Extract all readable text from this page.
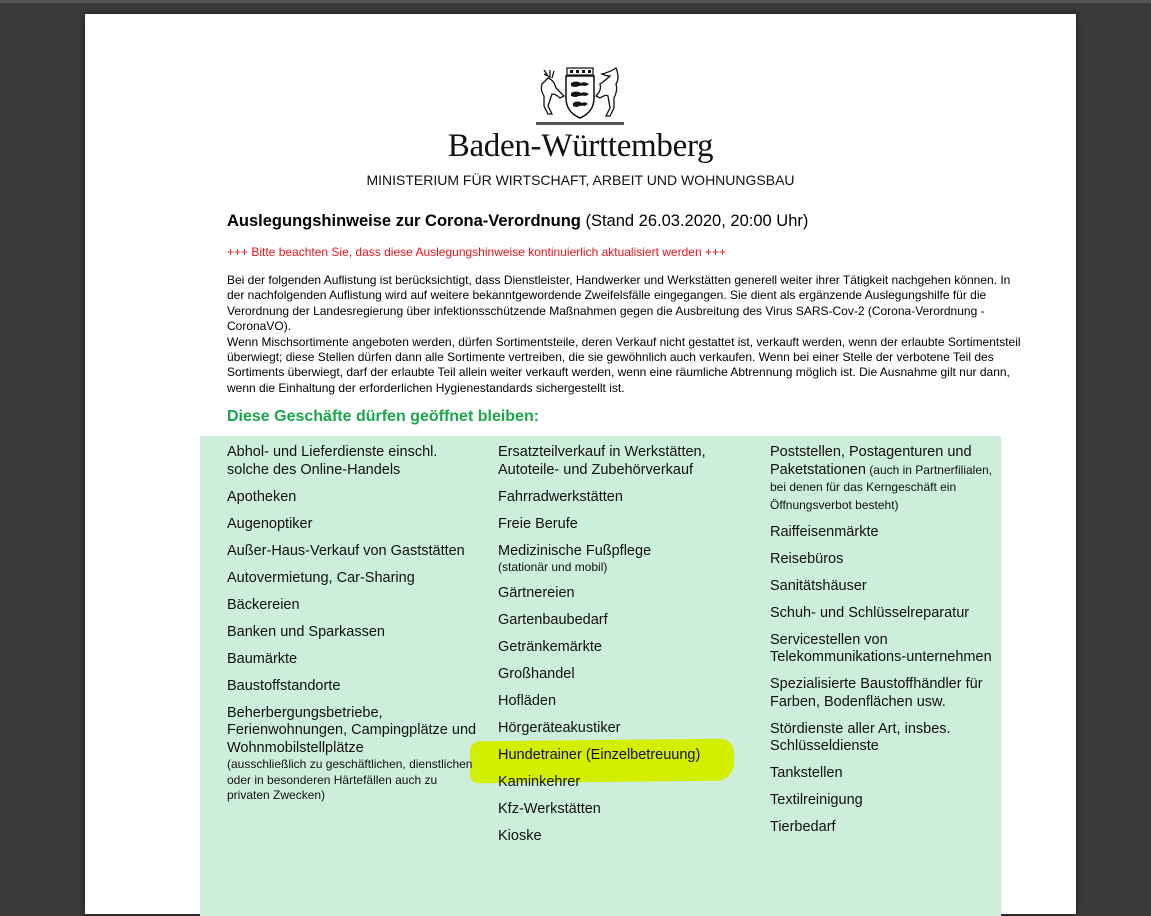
Baden-Württemberg
MINISTERIUM FÜR WIRTSCHAFT, ARBEIT UND WOHNUNGSBAU
Auslegungshinweise zur Corona-Verordnung (Stand 26.03.2020, 20:00 Uhr)
+++ Bitte beachten Sie, dass diese Auslegungshinweise kontinuierlich aktualisiert werden +++

Bei der folgenden Auflistung ist berücksichtigt, dass Dienstleister, Handwerker und Werkstätten generell weiter ihrer Tätigkeit nachgehen können. In der nachfolgenden Auflistung wird auf weitere bekanntgewordende Zweifelsfälle eingegangen. Sie dient als ergänzende Auslegungshilfe für die Verordnung der Landesregierung über infektionsschützende Maßnahmen gegen die Ausbreitung des Virus SARS-Cov-2 (Corona-Verordnung - CoronaVO).

Wenn Mischsortimente angeboten werden, dürfen Sortimentsteile, deren Verkauf nicht gestattet ist, verkauft werden, wenn der erlaubte Sortimentsteil überwiegt; diese Stellen dürfen dann alle Sortimente vertreiben, die sie gewöhnlich auch verkaufen. Wenn bei einer Stelle der verbotene Teil des Sortiments überwiegt, darf der erlaubte Teil allein weiter verkauft werden, wenn eine räumliche Abtrennung möglich ist. Die Ausnahme gilt nur dann, wenn die Einhaltung der erforderlichen Hygienestandards sichergestellt ist.

Diese Geschäfte dürfen geöffnet bleiben:
Abhol- und Lieferdienste einschl. solche des Online-Handels
Apotheken
Augenoptiker
Außer-Haus-Verkauf von Gaststätten
Autovermietung, Car-Sharing
Bäckereien
Banken und Sparkassen
Baumärkte
Baustoffstandorte
Beherbergungsbetriebe, Ferienwohnungen, Campingplätze und Wohnmobilstellplätze
(ausschließlich zu geschäftlichen, dienstlichen oder in besonderen Härtefällen auch zu privaten Zwecken)
Ersatzteilverkauf in Werkstätten, Autoteile- und Zubehörverkauf
Fahrradwerkstätten
Freie Berufe
Medizinische Fußpflege
(stationär und mobil)
Gärtnereien
Gartenbaubedarf
Getränkemärkte
Großhandel
Hofläden
Hörgeräteakustiker
Hundetrainer (Einzelbetreuung)
Kaminkehrer
Kfz-Werkstätten
Kioske
Poststellen, Postagenturen und Paketstationen (auch in Partnerfilialen, bei denen für das Kerngeschäft ein Öffnungsverbot besteht)
Raiffeisenmärkte
Reisebüros
Sanitätshäuser
Schuh- und Schlüsselreparatur
Servicestellen von Telekommunikations-unternehmen
Spezialisierte Baustoffhändler für Farben, Bodenflächen usw.
Stördienste aller Art, insbes. Schlüsseldienste
Tankstellen
Textilreinigung
Tierbedarf
